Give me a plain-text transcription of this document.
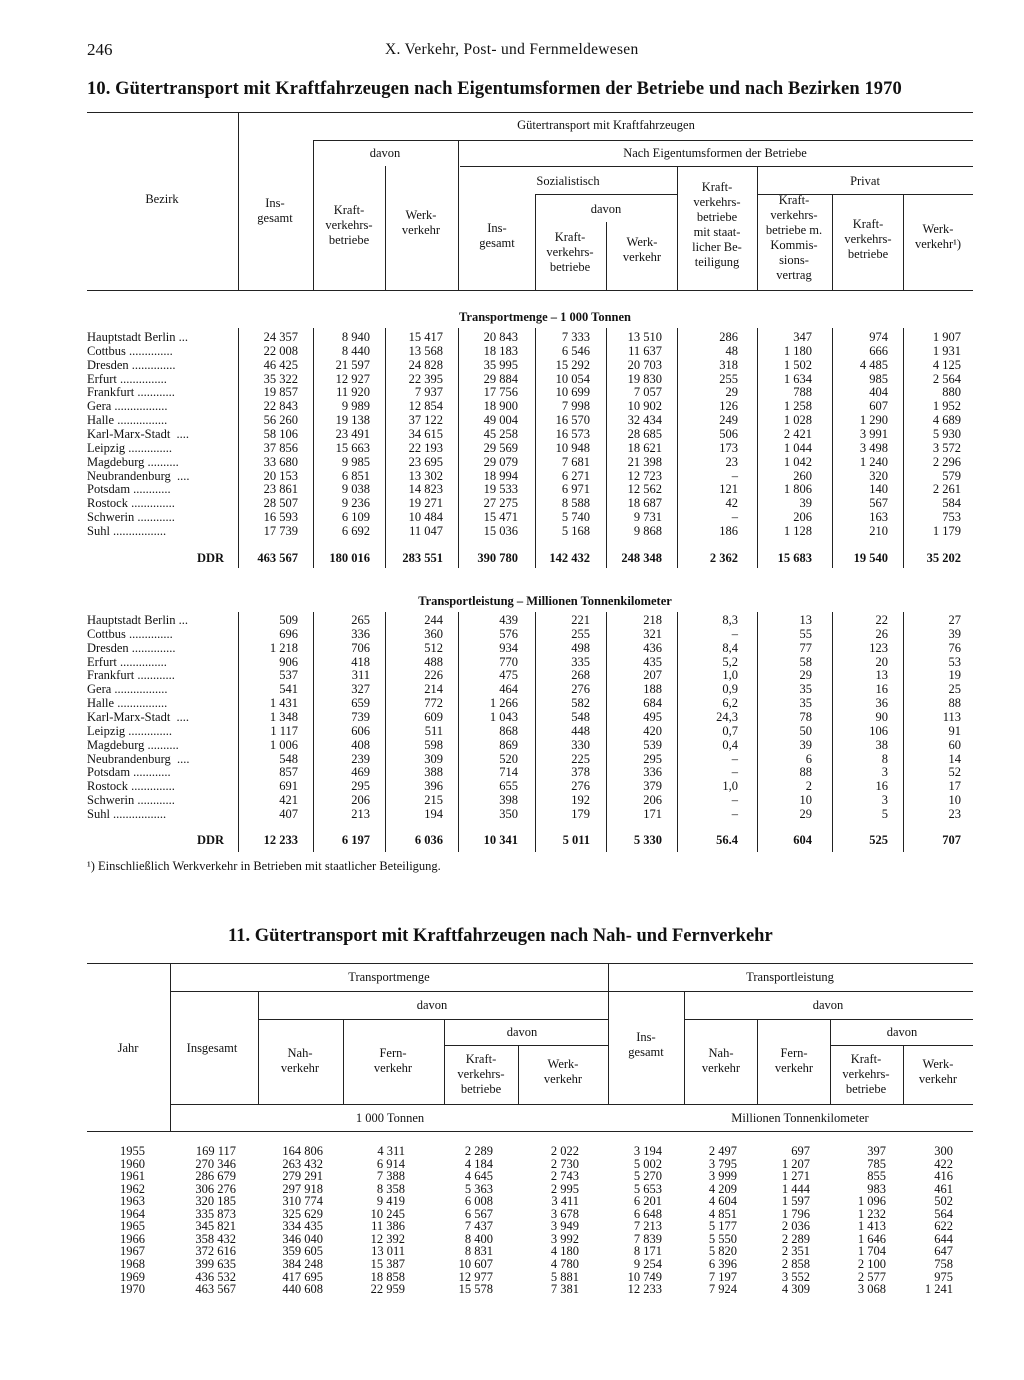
246	X. Verkehr, Post- und Fernmeldewesen
10. Gütertransport mit Kraftfahrzeugen nach Eigentumsformen der Betriebe und nach Bezirken 1970
Bezirk
Gütertransport mit Kraftfahrzeugen
davon	Nach Eigentumsformen der Betriebe
Sozialistisch
davon
Privat
Ins-
gesamt
Kraft-
verkehrs-
betriebe
Werk-
verkehr	Ins-
gesamt	Kraft-
verkehrs-
betriebe
Werk-
verkehr
Kraft-
verkehrs-
betriebe
mit staat-
licher Be-
teiligung
Kraft-
verkehrs-
betriebe m.
Kommis-
sions-
vertrag
Kraft-
verkehrs-
betriebe
Werk-
verkehr¹)
Transportmenge – 1 000 Tonnen
Transportleistung – Millionen Tonnenkilometer
Hauptstadt Berlin ...	24 357	8 940	15 417	20 843	7 333	13 510	286	347	974	1 907
Cottbus ..............	22 008	8 440	13 568	18 183	6 546	11 637	48	1 180	666	1 931
Dresden ..............	46 425	21 597	24 828	35 995	15 292	20 703	318	1 502	4 485	4 125
Erfurt ...............	35 322	12 927	22 395	29 884	10 054	19 830	255	1 634	985	2 564
Frankfurt ............	19 857	11 920	7 937	17 756	10 699	7 057	29	788	404	880
Gera .................	22 843	9 989	12 854	18 900	7 998	10 902	126	1 258	607	1 952
Halle ................	56 260	19 138	37 122	49 004	16 570	32 434	249	1 028	1 290	4 689
Karl-Marx-Stadt  ....	58 106	23 491	34 615	45 258	16 573	28 685	506	2 421	3 991	5 930
Leipzig ..............	37 856	15 663	22 193	29 569	10 948	18 621	173	1 044	3 498	3 572
Magdeburg ..........	33 680	9 985	23 695	29 079	7 681	21 398	23	1 042	1 240	2 296
Neubrandenburg  ....	20 153	6 851	13 302	18 994	6 271	12 723	–	260	320	579
Potsdam ............	23 861	9 038	14 823	19 533	6 971	12 562	121	1 806	140	2 261
Rostock ..............	28 507	9 236	19 271	27 275	8 588	18 687	42	39	567	584
Schwerin ............	16 593	6 109	10 484	15 471	5 740	9 731	–	206	163	753
Suhl .................	17 739	6 692	11 047	15 036	5 168	9 868	186	1 128	210	1 179
DDR	463 567	180 016	283 551	390 780	142 432	248 348	2 362	15 683	19 540	35 202
Hauptstadt Berlin ...	509	265	244	439	221	218	8,3	13	22	27
Cottbus ..............	696	336	360	576	255	321	–	55	26	39
Dresden ..............	1 218	706	512	934	498	436	8,4	77	123	76
Erfurt ...............	906	418	488	770	335	435	5,2	58	20	53
Frankfurt ............	537	311	226	475	268	207	1,0	29	13	19
Gera .................	541	327	214	464	276	188	0,9	35	16	25
Halle ................	1 431	659	772	1 266	582	684	6,2	35	36	88
Karl-Marx-Stadt  ....	1 348	739	609	1 043	548	495	24,3	78	90	113
Leipzig ..............	1 117	606	511	868	448	420	0,7	50	106	91
Magdeburg ..........	1 006	408	598	869	330	539	0,4	39	38	60
Neubrandenburg  ....	548	239	309	520	225	295	–	6	8	14
Potsdam ............	857	469	388	714	378	336	–	88	3	52
Rostock ..............	691	295	396	655	276	379	1,0	2	16	17
Schwerin ............	421	206	215	398	192	206	–	10	3	10
Suhl .................	407	213	194	350	179	171	–	29	5	23
DDR	12 233	6 197	6 036	10 341	5 011	5 330	56.4	604	525	707
¹) Einschließlich Werkverkehr in Betrieben mit staatlicher Beteiligung.
11. Gütertransport mit Kraftfahrzeugen nach Nah- und Fernverkehr
Jahr
Transportmenge	Transportleistung
Insgesamt
davon
davon
Nah-
verkehr
Fern-
verkehr
Kraft-
verkehrs-
betriebe
Werk-
verkehr
Ins-
gesamt
davon
davon
Nah-
verkehr
Fern-
verkehr
Kraft-
verkehrs-
betriebe
Werk-
verkehr
1 000 Tonnen	Millionen Tonnenkilometer
1955	169 117	164 806	4 311	2 289	2 022	3 194	2 497	697	397	300
1960	270 346	263 432	6 914	4 184	2 730	5 002	3 795	1 207	785	422
1961	286 679	279 291	7 388	4 645	2 743	5 270	3 999	1 271	855	416
1962	306 276	297 918	8 358	5 363	2 995	5 653	4 209	1 444	983	461
1963	320 185	310 774	9 419	6 008	3 411	6 201	4 604	1 597	1 096	502
1964	335 873	325 629	10 245	6 567	3 678	6 648	4 851	1 796	1 232	564
1965	345 821	334 435	11 386	7 437	3 949	7 213	5 177	2 036	1 413	622
1966	358 432	346 040	12 392	8 400	3 992	7 839	5 550	2 289	1 646	644
1967	372 616	359 605	13 011	8 831	4 180	8 171	5 820	2 351	1 704	647
1968	399 635	384 248	15 387	10 607	4 780	9 254	6 396	2 858	2 100	758
1969	436 532	417 695	18 858	12 977	5 881	10 749	7 197	3 552	2 577	975
1970	463 567	440 608	22 959	15 578	7 381	12 233	7 924	4 309	3 068	1 241
